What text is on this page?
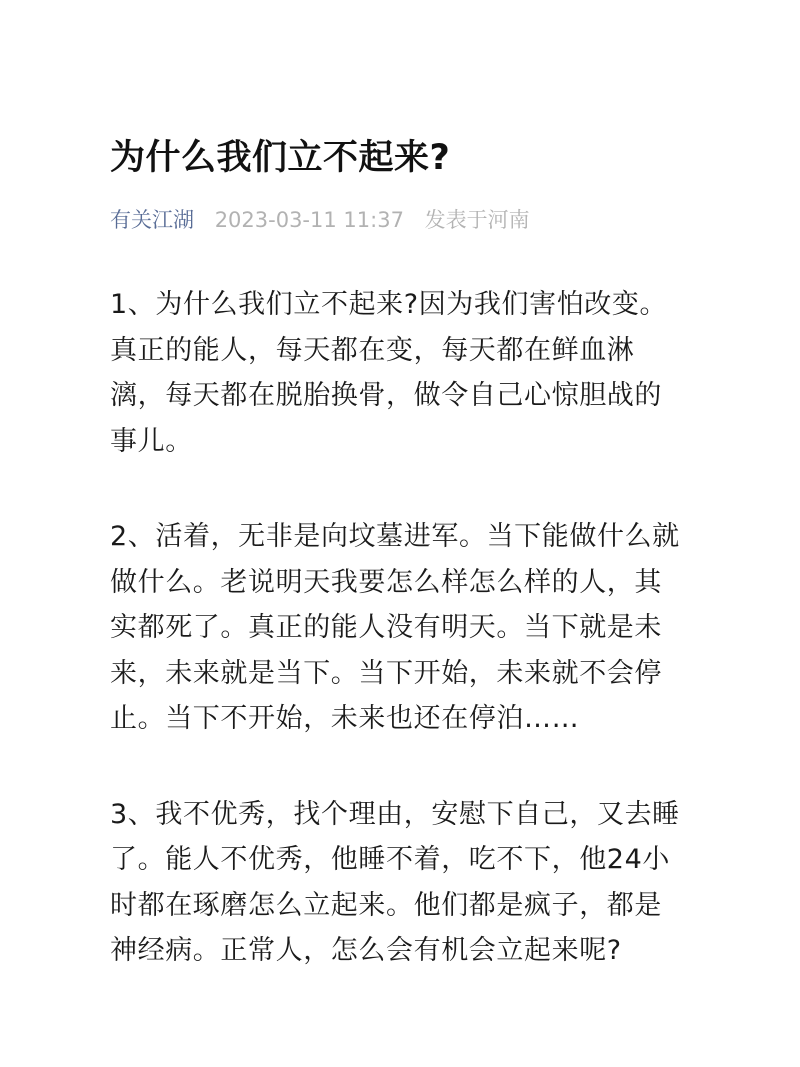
为什么我们立不起来?
有关江湖 2023-03-11 11:37 发表于河南

1、为什么我们立不起来?因为我们害怕改变。
真正的能人，每天都在变，每天都在鲜血淋
漓，每天都在脱胎换骨，做令自己心惊胆战的
事儿。

2、活着，无非是向坟墓进军。当下能做什么就
做什么。老说明天我要怎么样怎么样的人，其
实都死了。真正的能人没有明天。当下就是未
来，未来就是当下。当下开始，未来就不会停
止。当下不开始，未来也还在停泊……

3、我不优秀，找个理由，安慰下自己，又去睡
了。能人不优秀，他睡不着，吃不下，他24小
时都在琢磨怎么立起来。他们都是疯子，都是
神经病。正常人，怎么会有机会立起来呢?
